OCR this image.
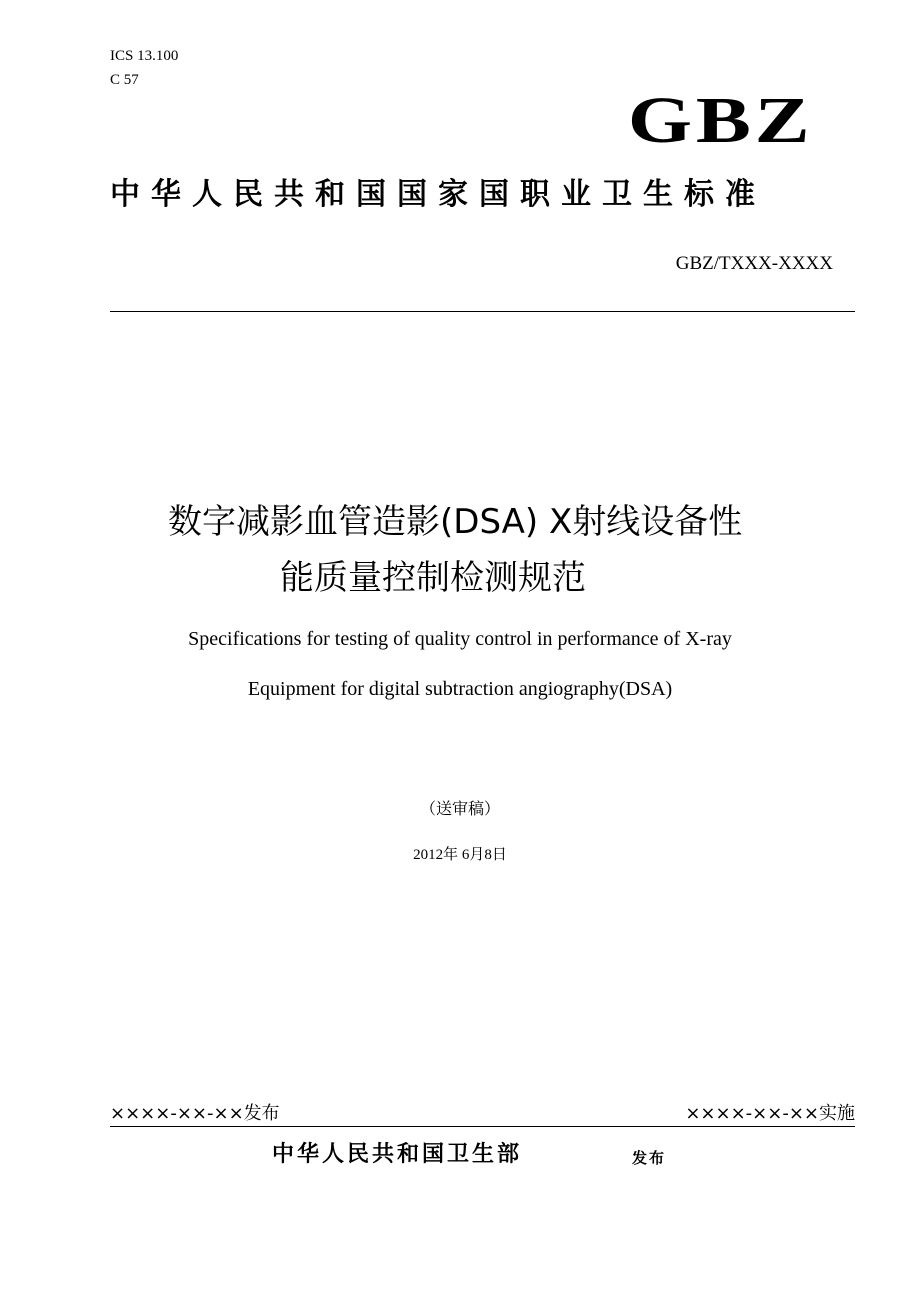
ICS 13.100
C 57
GBZ
中华人民共和国国家国职业卫生标准
GBZ/TXXX-XXXX
数字减影血管造影(DSA) X射线设备性
能质量控制检测规范
Specifications for testing of quality control in performance of X-ray
Equipment for digital subtraction angiography(DSA)
（送审稿）
2012年 6月8日
××××-××-××发布	××××-××-××实施
中华人民共和国卫生部	发布
